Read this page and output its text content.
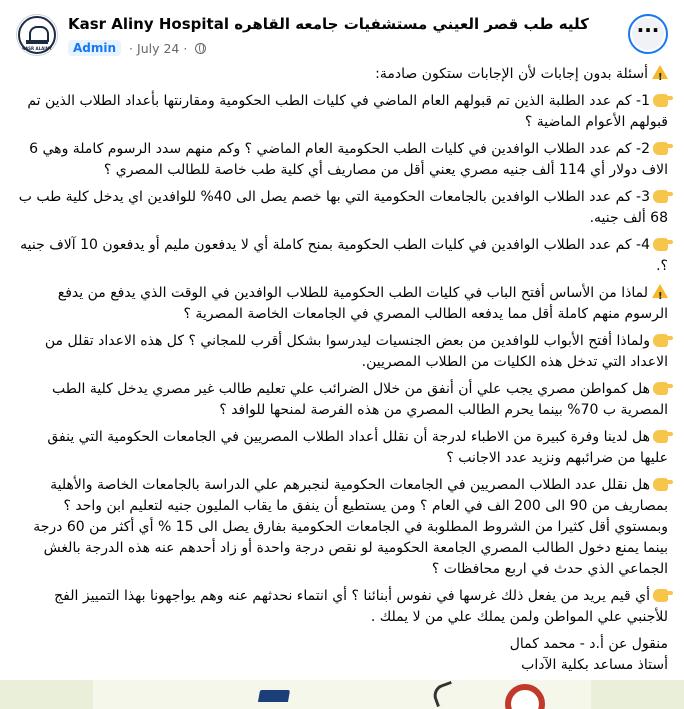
KASR ALAINY
Kasr Aliny Hospital كليه طب قصر العيني مستشفيات جامعه القاهره
Admin	· July 24 ·
···
!أسئلة بدون إجابات لأن الإجابات ستكون صادمة:
1- كم عدد الطلبة الذين تم قبولهم العام الماضي في كليات الطب الحكومية ومقارنتها بأعداد الطلاب الذين تم قبولهم الأعوام الماضية ؟
2- كم عدد الطلاب الوافدين في كليات الطب الحكومية العام الماضي ؟ وكم منهم سدد الرسوم كاملة وهي 6 الاف دولار أي 114 ألف جنيه مصري يعني أقل من مصاريف أي كلية طب خاصة للطالب المصري ؟
3- كم عدد الطلاب الوافدين بالجامعات الحكومية التي بها خصم يصل الى 40% للوافدين اي يدخل كلية طب ب 68 ألف جنيه.
4- كم عدد الطلاب الوافدين في كليات الطب الحكومية بمنح كاملة أي لا يدفعون مليم أو يدفعون 10 آلاف جنيه ؟.
!لماذا من الأساس أفتح الباب في كليات الطب الحكومية للطلاب الوافدين في الوقت الذي يدفع من يدفع الرسوم منهم كاملة أقل مما يدفعه الطالب المصري في الجامعات الخاصة المصرية ؟
ولماذا أفتح الأبواب للوافدين من بعض الجنسيات ليدرسوا بشكل أقرب للمجاني ؟ كل هذه الاعداد تقلل من الاعداد التي تدخل هذه الكليات من الطلاب المصريين.
هل كمواطن مصري يجب علي أن أنفق من خلال الضرائب علي تعليم طالب غير مصري يدخل كلية الطب المصرية ب 70% بينما يحرم الطالب المصري من هذه الفرصة لمنحها للوافد ؟
هل لدينا وفرة كبيرة من الاطباء لدرجة أن نقلل أعداد الطلاب المصريين في الجامعات الحكومية التي ينفق عليها من ضرائبهم ونزيد عدد الاجانب ؟
هل نقلل عدد الطلاب المصريين في الجامعات الحكومية لنجبرهم علي الدراسة بالجامعات الخاصة والأهلية بمصاريف من 90 الى 200 الف في العام ؟ ومن يستطيع أن ينفق ما يقاب المليون جنيه لتعليم ابن واحد ؟ وبمستوي أقل كثيرا من الشروط المطلوبة في الجامعات الحكومية بفارق يصل الى 15 % أي أكثر من 60 درجة بينما يمنع دخول الطالب المصري الجامعة الحكومية لو نقص درجة واحدة أو زاد أحدهم عنه هذه الدرجة بالغش الجماعي الذي حدث في اربع محافظات ؟
أي قيم يريد من يفعل ذلك غرسها في نفوس أبنائنا ؟ أي انتماء نحدثهم عنه وهم يواجهونا بهذا التمييز الفج للأجنبي علي المواطن ولمن يملك علي من لا يملك .
منقول عن أ.د - محمد كمال
أستاذ مساعد بكلية الآداب
